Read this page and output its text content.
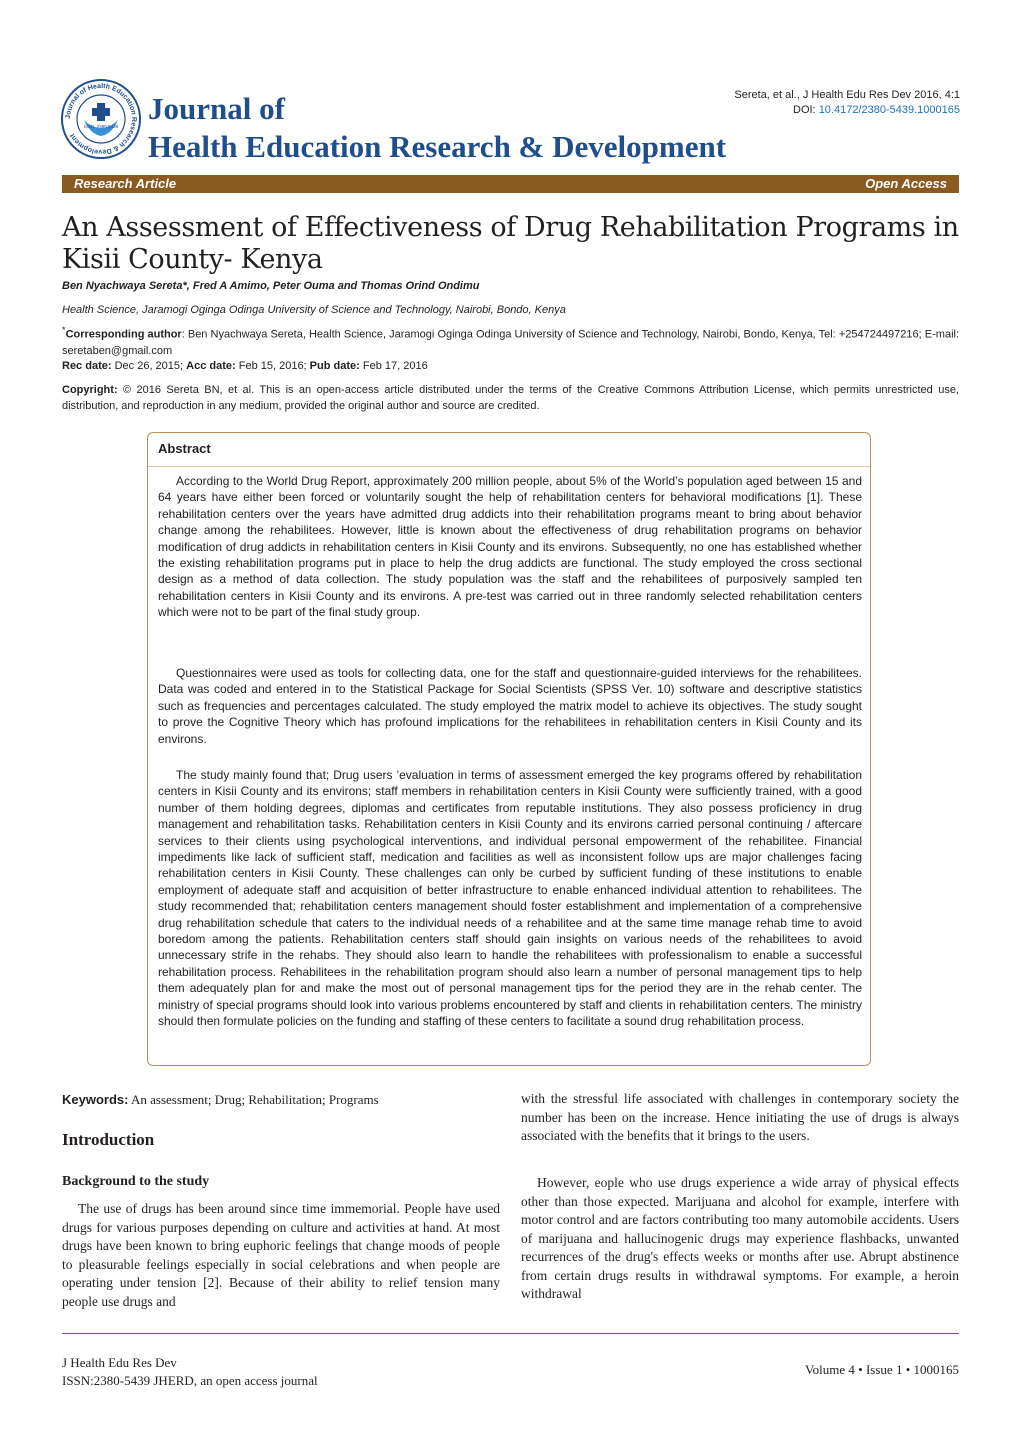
Journal of Health Education Research & Development
ISSN: 2380-5439
Journal of
Health Education Research & Development
Sereta, et al., J Health Edu Res Dev 2016, 4:1
DOI: 10.4172/2380-5439.1000165
Research Article	Open Access
An Assessment of Effectiveness of Drug Rehabilitation Programs in Kisii County- Kenya
Ben Nyachwaya Sereta*, Fred A Amimo, Peter Ouma and Thomas Orind Ondimu
Health Science, Jaramogi Oginga Odinga University of Science and Technology, Nairobi, Bondo, Kenya
*Corresponding author: Ben Nyachwaya Sereta, Health Science, Jaramogi Oginga Odinga University of Science and Technology, Nairobi, Bondo, Kenya, Tel: +254724497216; E-mail: seretaben@gmail.com
Rec date: Dec 26, 2015; Acc date: Feb 15, 2016; Pub date: Feb 17, 2016
Copyright: © 2016 Sereta BN, et al. This is an open-access article distributed under the terms of the Creative Commons Attribution License, which permits unrestricted use, distribution, and reproduction in any medium, provided the original author and source are credited.
Abstract
According to the World Drug Report, approximately 200 million people, about 5% of the World’s population aged between 15 and 64 years have either been forced or voluntarily sought the help of rehabilitation centers for behavioral modifications [1]. These rehabilitation centers over the years have admitted drug addicts into their rehabilitation programs meant to bring about behavior change among the rehabilitees. However, little is known about the effectiveness of drug rehabilitation programs on behavior modification of drug addicts in rehabilitation centers in Kisii County and its environs. Subsequently, no one has established whether the existing rehabilitation programs put in place to help the drug addicts are functional. The study employed the cross sectional design as a method of data collection. The study population was the staff and the rehabilitees of purposively sampled ten rehabilitation centers in Kisii County and its environs. A pre-test was carried out in three randomly selected rehabilitation centers which were not to be part of the final study group.
Questionnaires were used as tools for collecting data, one for the staff and questionnaire-guided interviews for the rehabilitees. Data was coded and entered in to the Statistical Package for Social Scientists (SPSS Ver. 10) software and descriptive statistics such as frequencies and percentages calculated. The study employed the matrix model to achieve its objectives. The study sought to prove the Cognitive Theory which has profound implications for the rehabilitees in rehabilitation centers in Kisii County and its environs.
The study mainly found that; Drug users ’evaluation in terms of assessment emerged the key programs offered by rehabilitation centers in Kisii County and its environs; staff members in rehabilitation centers in Kisii County were sufficiently trained, with a good number of them holding degrees, diplomas and certificates from reputable institutions. They also possess proficiency in drug management and rehabilitation tasks. Rehabilitation centers in Kisii County and its environs carried personal continuing / aftercare services to their clients using psychological interventions, and individual personal empowerment of the rehabilitee. Financial impediments like lack of sufficient staff, medication and facilities as well as inconsistent follow ups are major challenges facing rehabilitation centers in Kisii County. These challenges can only be curbed by sufficient funding of these institutions to enable employment of adequate staff and acquisition of better infrastructure to enable enhanced individual attention to rehabilitees. The study recommended that; rehabilitation centers management should foster establishment and implementation of a comprehensive drug rehabilitation schedule that caters to the individual needs of a rehabilitee and at the same time manage rehab time to avoid boredom among the patients. Rehabilitation centers staff should gain insights on various needs of the rehabilitees to avoid unnecessary strife in the rehabs. They should also learn to handle the rehabilitees with professionalism to enable a successful rehabilitation process. Rehabilitees in the rehabilitation program should also learn a number of personal management tips to help them adequately plan for and make the most out of personal management tips for the period they are in the rehab center. The ministry of special programs should look into various problems encountered by staff and clients in rehabilitation centers. The ministry should then formulate policies on the funding and staffing of these centers to facilitate a sound drug rehabilitation process.
Keywords: An assessment; Drug; Rehabilitation; Programs
Introduction
Background to the study
The use of drugs has been around since time immemorial. People have used drugs for various purposes depending on culture and activities at hand. At most drugs have been known to bring euphoric feelings that change moods of people to pleasurable feelings especially in social celebrations and when people are operating under tension [2]. Because of their ability to relief tension many people use drugs and
with the stressful life associated with challenges in contemporary society the number has been on the increase. Hence initiating the use of drugs is always associated with the benefits that it brings to the users.
However, eople who use drugs experience a wide array of physical effects other than those expected. Marijuana and alcohol for example, interfere with motor control and are factors contributing too many automobile accidents. Users of marijuana and hallucinogenic drugs may experience flashbacks, unwanted recurrences of the drug's effects weeks or months after use. Abrupt abstinence from certain drugs results in withdrawal symptoms. For example, a heroin withdrawal
J Health Edu Res Dev
ISSN:2380-5439 JHERD, an open access journal
Volume 4 • Issue 1 • 1000165
